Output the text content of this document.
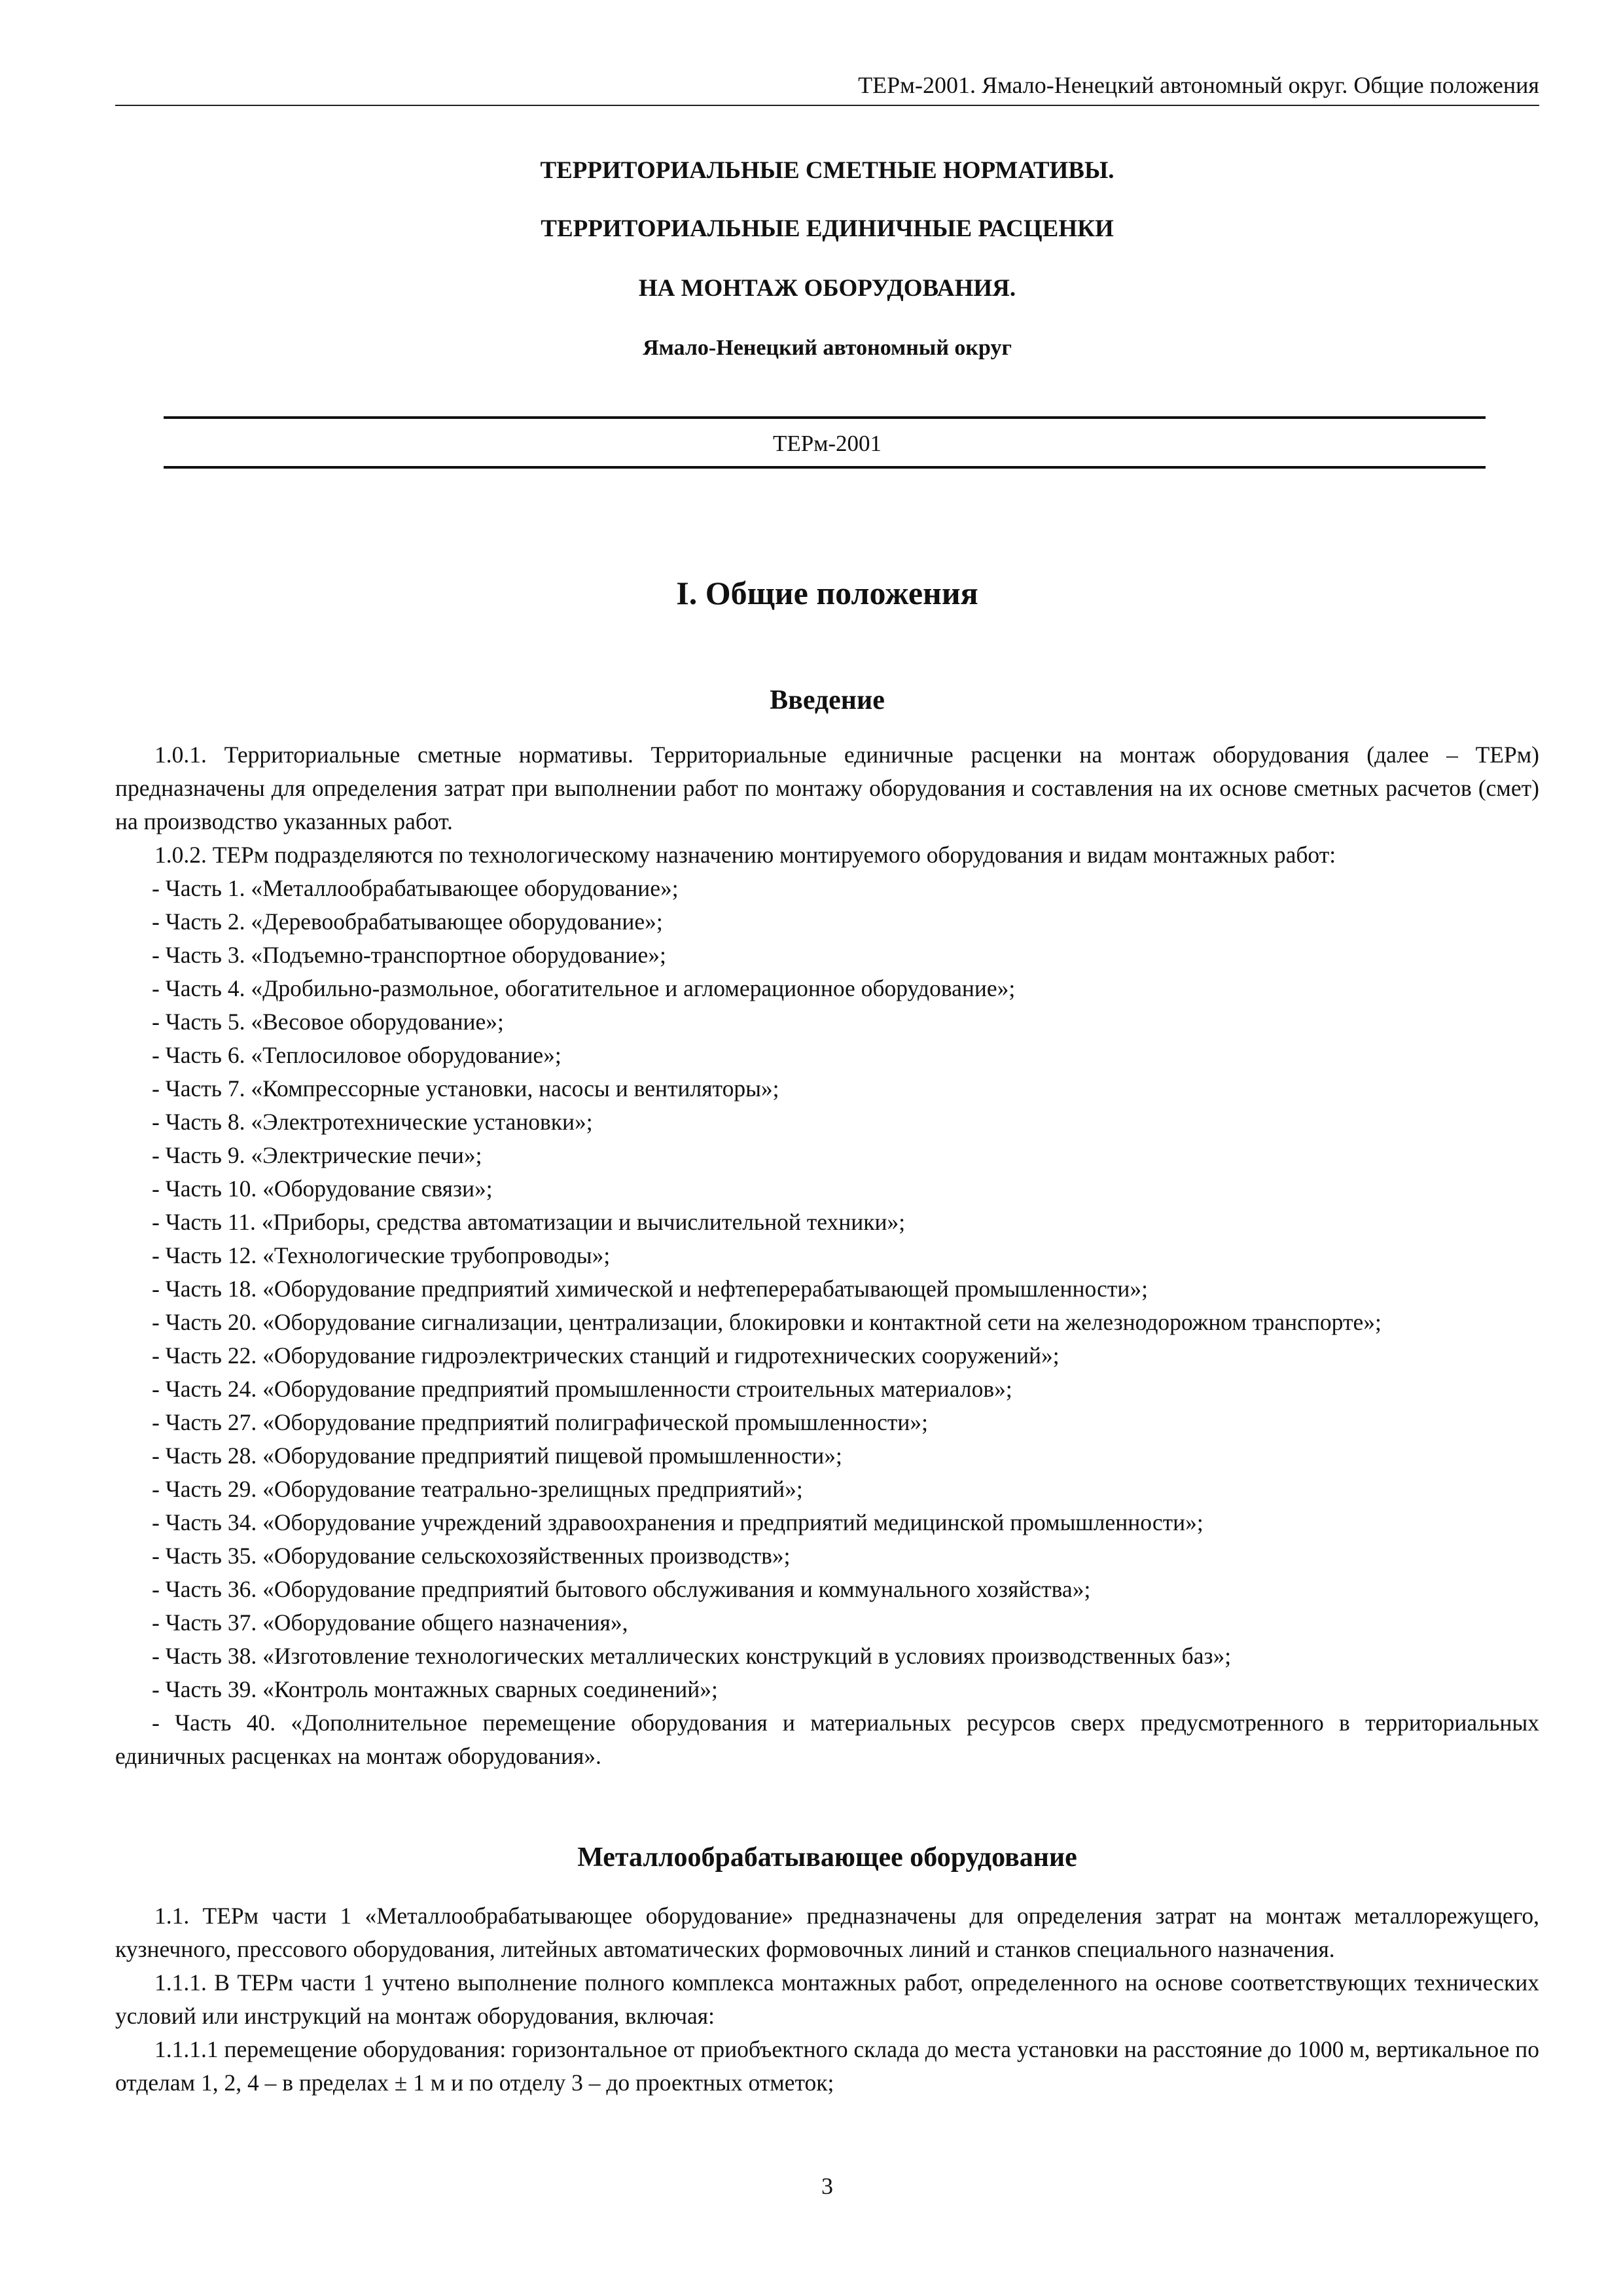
ТЕРм-2001. Ямало-Ненецкий автономный округ. Общие положения
ТЕРРИТОРИАЛЬНЫЕ СМЕТНЫЕ НОРМАТИВЫ.
ТЕРРИТОРИАЛЬНЫЕ ЕДИНИЧНЫЕ РАСЦЕНКИ
НА МОНТАЖ ОБОРУДОВАНИЯ.
Ямало-Ненецкий автономный округ
ТЕРм-2001
I. Общие положения
Введение

1.0.1. Территориальные сметные нормативы. Территориальные единичные расценки на монтаж оборудования (далее – ТЕРм) предназначены для определения затрат при выполнении работ по монтажу оборудования и составления на их основе сметных расчетов (смет) на производство указанных работ.

1.0.2. ТЕРм подразделяются по технологическому назначению монтируемого оборудования и видам монтажных работ:

- Часть 1. «Металлообрабатывающее оборудование»;

- Часть 2. «Деревообрабатывающее оборудование»;

- Часть 3. «Подъемно-транспортное оборудование»;

- Часть 4. «Дробильно-размольное, обогатительное и агломерационное оборудование»;

- Часть 5. «Весовое оборудование»;

- Часть 6. «Теплосиловое оборудование»;

- Часть 7. «Компрессорные установки, насосы и вентиляторы»;

- Часть 8. «Электротехнические установки»;

- Часть 9. «Электрические печи»;

- Часть 10. «Оборудование связи»;

- Часть 11. «Приборы, средства автоматизации и вычислительной техники»;

- Часть 12. «Технологические трубопроводы»;

- Часть 18. «Оборудование предприятий химической и нефтеперерабатывающей промышленности»;

- Часть 20. «Оборудование сигнализации, централизации, блокировки и контактной сети на железнодорожном транспорте»;

- Часть 22. «Оборудование гидроэлектрических станций и гидротехнических сооружений»;

- Часть 24. «Оборудование предприятий промышленности строительных материалов»;

- Часть 27. «Оборудование предприятий полиграфической промышленности»;

- Часть 28. «Оборудование предприятий пищевой промышленности»;

- Часть 29. «Оборудование театрально-зрелищных предприятий»;

- Часть 34. «Оборудование учреждений здравоохранения и предприятий медицинской промышленности»;

- Часть 35. «Оборудование сельскохозяйственных производств»;

- Часть 36. «Оборудование предприятий бытового обслуживания и коммунального хозяйства»;

- Часть 37. «Оборудование общего назначения»,

- Часть 38. «Изготовление технологических металлических конструкций в условиях производственных баз»;

- Часть 39. «Контроль монтажных сварных соединений»;

- Часть 40. «Дополнительное перемещение оборудования и материальных ресурсов сверх предусмотренного в территориальных единичных расценках на монтаж оборудования».

Металлообрабатывающее оборудование

1.1. ТЕРм части 1 «Металлообрабатывающее оборудование» предназначены для определения затрат на монтаж металлорежущего, кузнечного, прессового оборудования, литейных автоматических формовочных линий и станков специального назначения.

1.1.1. В ТЕРм части 1 учтено выполнение полного комплекса монтажных работ, определенного на основе соответствующих технических условий или инструкций на монтаж оборудования, включая:

1.1.1.1 перемещение оборудования: горизонтальное от приобъектного склада до места установки на расстояние до 1000 м, вертикальное по отделам 1, 2, 4 – в пределах ± 1 м и по отделу 3 – до проектных отметок;

3
